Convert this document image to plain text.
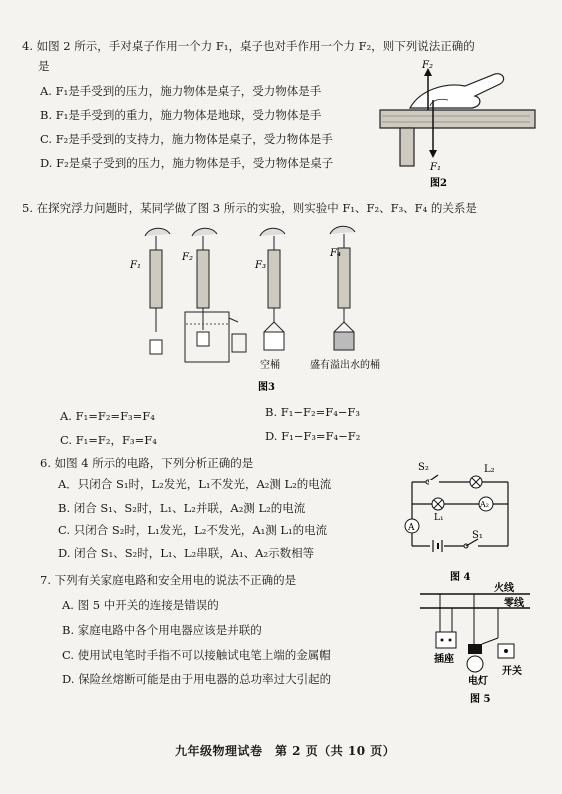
4. 如图 2 所示，手对桌子作用一个力 F₁，桌子也对手作用一个力 F₂，则下列说法正确的
是
A. F₁是手受到的压力，施力物体是桌子，受力物体是手
B. F₁是手受到的重力，施力物体是地球，受力物体是手
C. F₂是手受到的支持力，施力物体是桌子，受力物体是手
D. F₂是桌子受到的压力，施力物体是手，受力物体是桌子
F₂
F₁
图2
5. 在探究浮力问题时，某同学做了图 3 所示的实验，则实验中 F₁、F₂、F₃、F₄ 的关系是
F₁
F₂
F₃
空桶
F₄
盛有溢出水的桶
图3
A. F₁=F₂=F₃=F₄	B. F₁−F₂=F₄−F₃
C. F₁=F₂，F₃=F₄	D. F₁−F₃=F₄−F₂
6. 如图 4 所示的电路，下列分析正确的是
A．只闭合 S₁时，L₂发光，L₁不发光，A₂测 L₂的电流
B. 闭合 S₁、S₂时，L₁、L₂并联，A₂测 L₂的电流
C. 只闭合 S₂时，L₁发光，L₂不发光，A₁测 L₁的电流
D. 闭合 S₁、S₂时，L₁、L₂串联，A₁、A₂示数相等
S₂	L₂
L₁
A₂
A
S₁
图 4
7. 下列有关家庭电路和安全用电的说法不正确的是
A. 图 5 中开关的连接是错误的
B. 家庭电路中各个用电器应该是并联的
C. 使用试电笔时手指不可以接触试电笔上端的金属帽
D. 保险丝熔断可能是由于用电器的总功率过大引起的
火线
零线
插座
电灯
开关
图 5
九年级物理试卷　第 2 页（共 10 页）
